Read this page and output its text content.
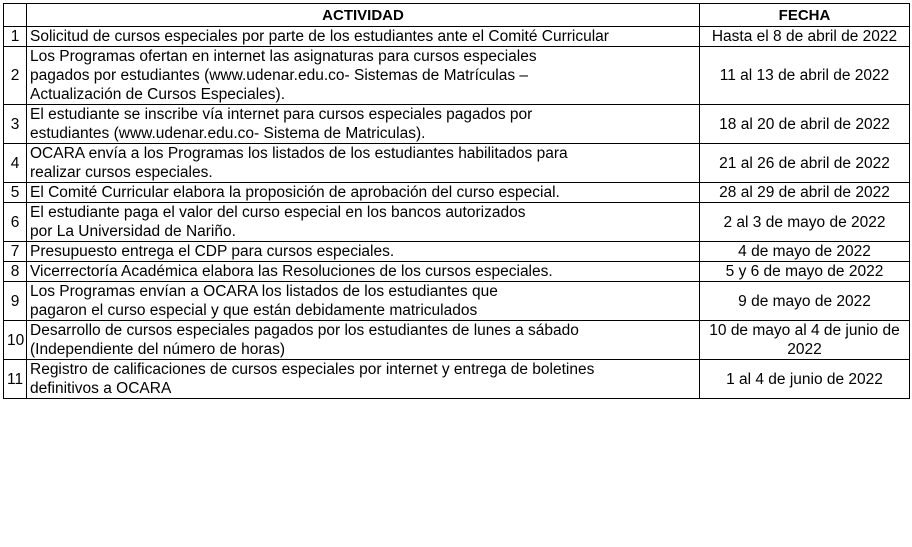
	ACTIVIDAD	FECHA
1	Solicitud de cursos especiales por parte de los estudiantes ante el Comité Curricular	Hasta el 8 de abril de 2022

2	Los Programas ofertan en internet las asignaturas para cursos especiales
pagados por estudiantes (www.udenar.edu.co- Sistemas de Matrículas –
Actualización de Cursos Especiales).	11 al 13 de abril de 2022

3	El estudiante se inscribe vía internet para cursos especiales pagados por
estudiantes (www.udenar.edu.co- Sistema de Matriculas).	18 al 20 de abril de 2022

4	OCARA envía a los Programas los listados de los estudiantes habilitados para
realizar cursos especiales.	21 al 26 de abril de 2022

5	El Comité Curricular elabora la proposición de aprobación del curso especial.	28 al 29 de abril de 2022

6	El estudiante paga el valor del curso especial en los bancos autorizados
por La Universidad de Nariño.	2 al 3 de mayo de 2022

7	Presupuesto entrega el CDP para cursos especiales.	4 de mayo de 2022

8	Vicerrectoría Académica elabora las Resoluciones de los cursos especiales.	5 y 6 de mayo de 2022

9	Los Programas envían a OCARA los listados de los estudiantes que
pagaron el curso especial y que están debidamente matriculados	9 de mayo de 2022

10	Desarrollo de cursos especiales pagados por los estudiantes de lunes a sábado
(Independiente del número de horas)	10 de mayo al 4 de junio de
2022

11	Registro de calificaciones de cursos especiales por internet y entrega de boletines
definitivos a OCARA	1 al 4 de junio de 2022
